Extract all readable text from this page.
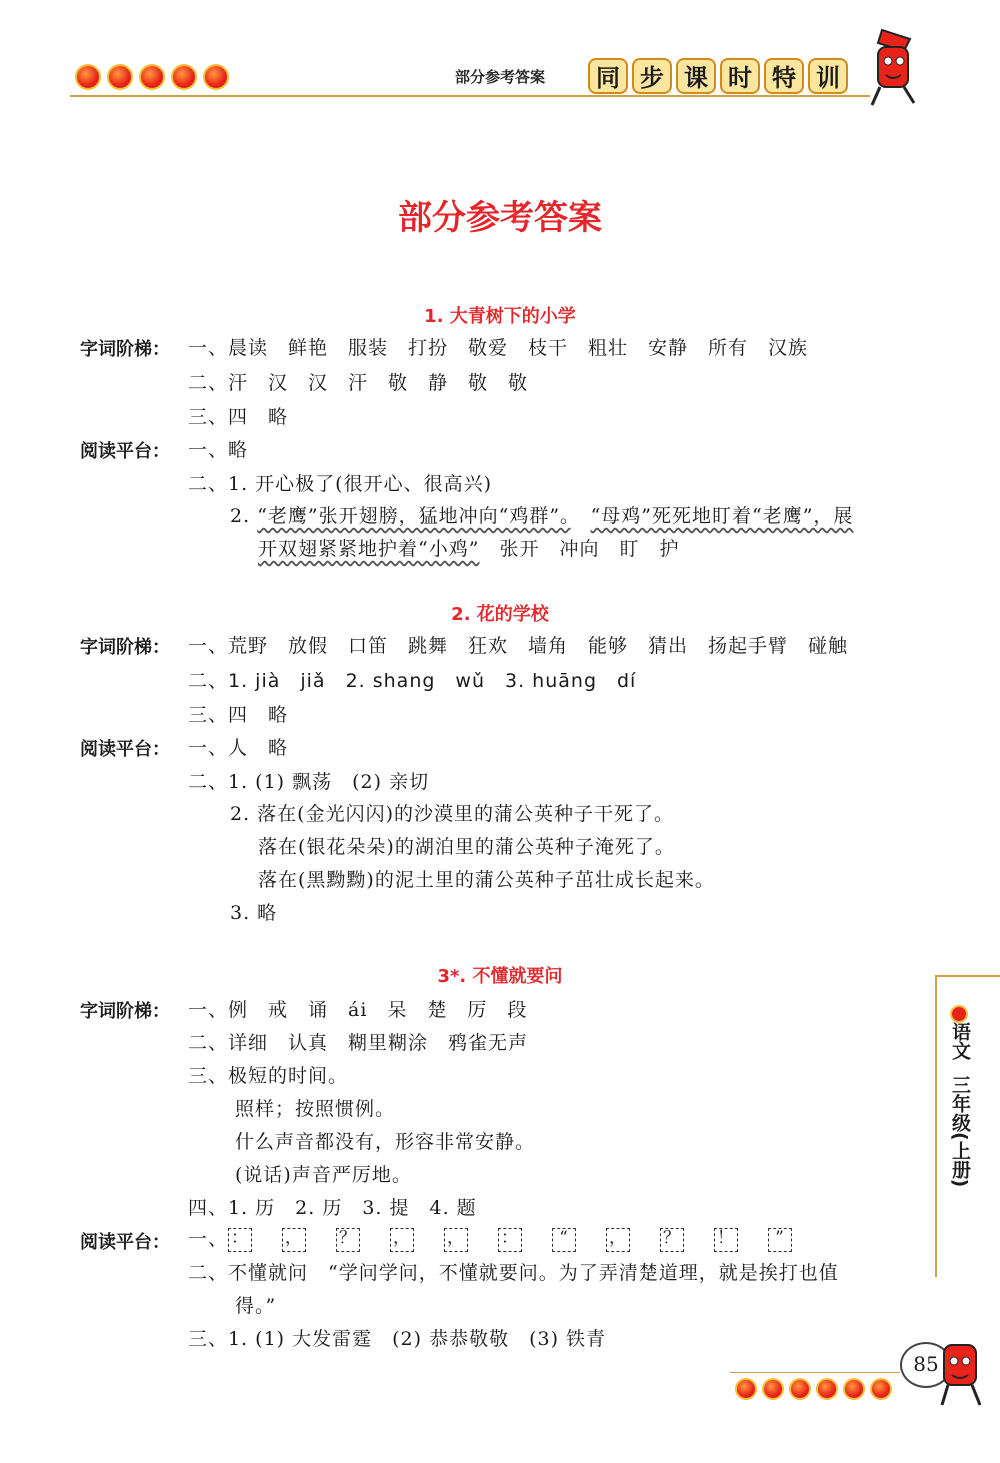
部分参考答案	同 步 课 时 特 训
部分参考答案
1. 大青树下的小学
字词阶梯： 一、晨读　鲜艳　服装　打扮　敬爱　枝干　粗壮　安静　所有　汉族
二、汗　汉　汉　汗　敬　静　敬　敬
三、四　略
阅读平台： 一、略
二、1. 开心极了(很开心、很高兴)
2. “老鹰”张开翅膀，猛地冲向“鸡群”。　 “母鸡”死死地盯着“老鹰”，展
开双翅紧紧地护着“小鸡”　 张开　冲向　盯　护
2. 花的学校
字词阶梯： 一、荒野　放假　口笛　跳舞　狂欢　墙角　能够　猜出　扬起手臂　碰触
二、1. jià　jiǎ　2. shang　wǔ　3. huāng　dí
三、四　略
阅读平台： 一、人　略
二、1. (1) 飘荡　(2) 亲切
2. 落在(金光闪闪)的沙漠里的蒲公英种子干死了。
落在(银花朵朵)的湖泊里的蒲公英种子淹死了。
落在(黑黝黝)的泥土里的蒲公英种子茁壮成长起来。
3. 略
3*. 不懂就要问
字词阶梯： 一、例　戒　诵　ái　呆　楚　厉　段
二、详细　认真　糊里糊涂　鸦雀无声
三、极短的时间。
照样；按照惯例。
什么声音都没有，形容非常安静。
(说话)声音严厉地。
四、1. 历　2. 历　3. 提　4. 题
阅读平台： 一、 ： ， ？ ， ， ： “ ， ？ ！ ”
二、不懂就问　“学问学问，不懂就要问。为了弄清楚道理，就是挨打也值
得。”
三、1. (1) 大发雷霆　(2) 恭恭敬敬　(3) 铁青
语文
三年级(上册)
85
